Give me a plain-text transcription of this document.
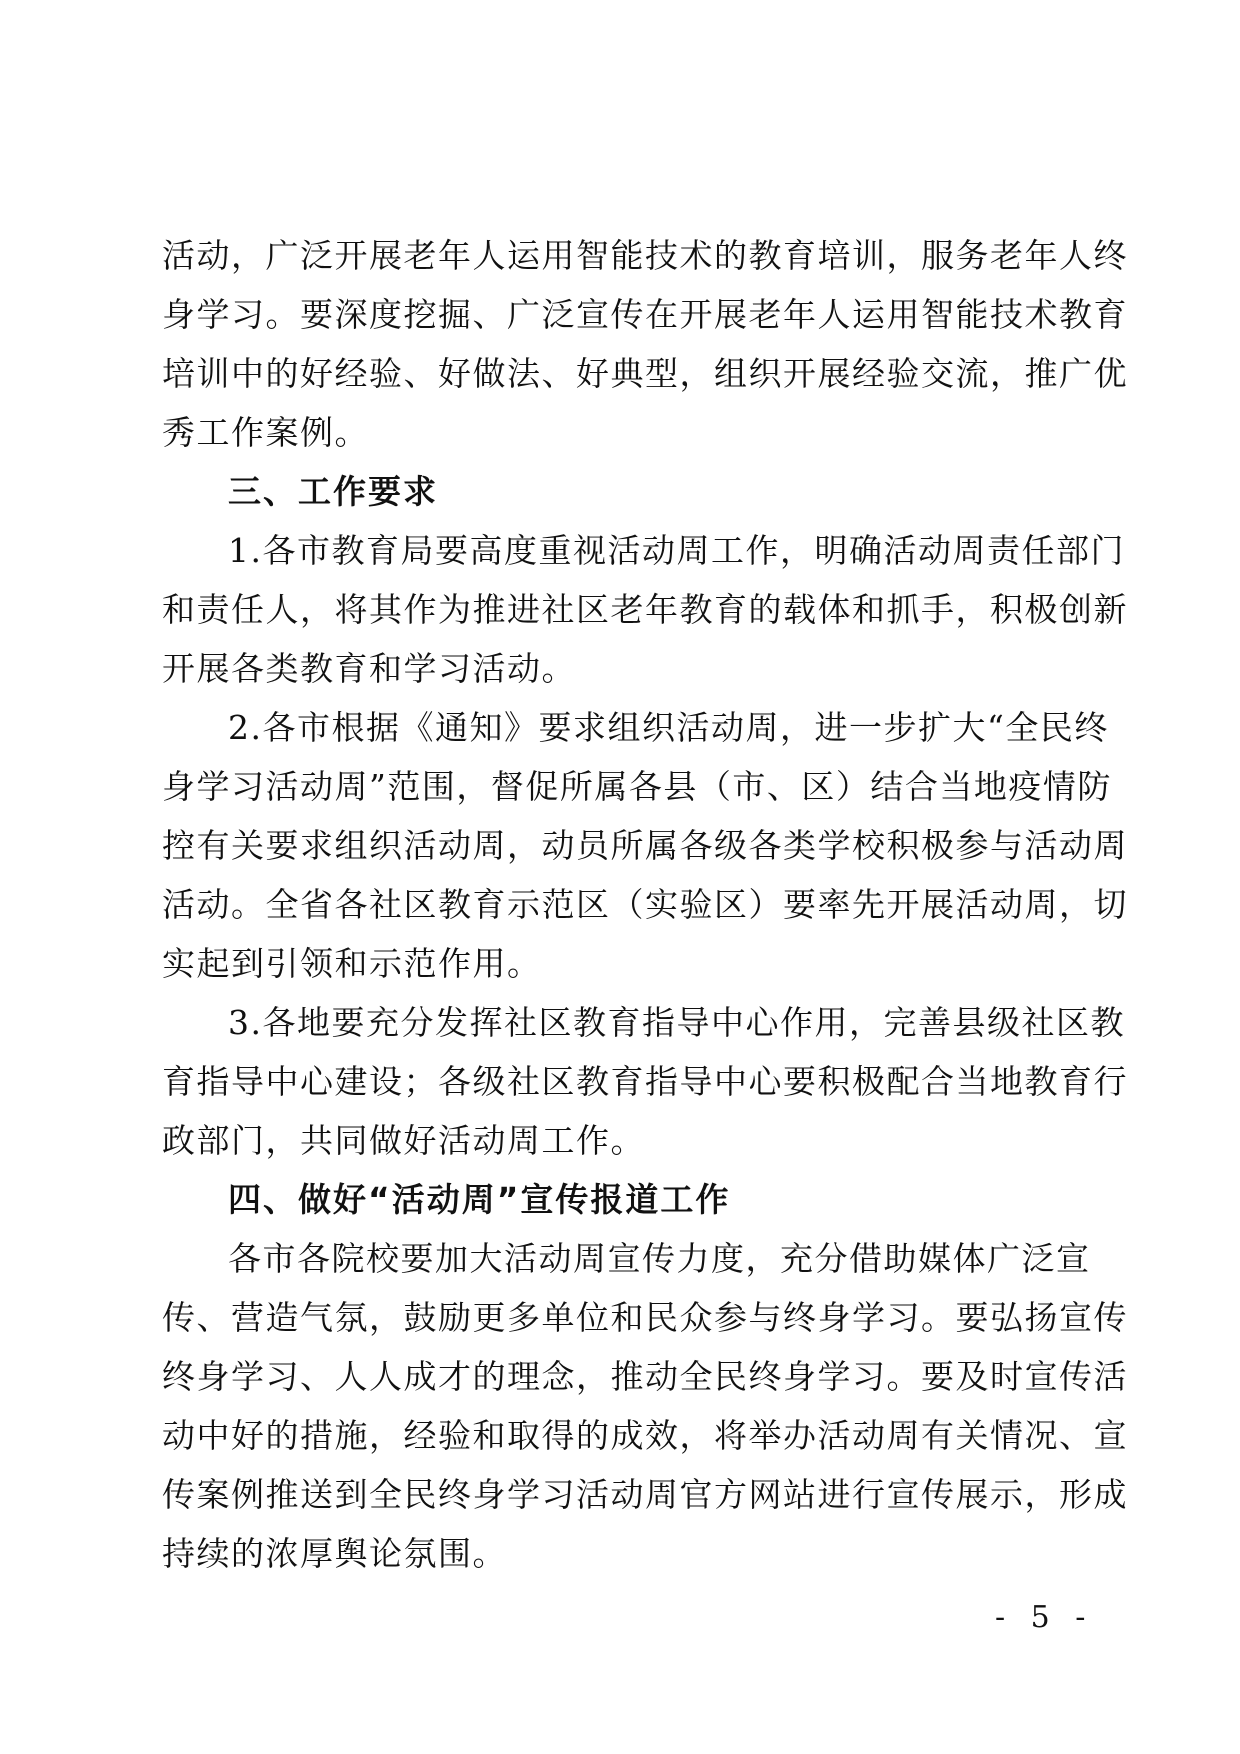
活动，广泛开展老年人运用智能技术的教育培训，服务老年人终
身学习。要深度挖掘、广泛宣传在开展老年人运用智能技术教育
培训中的好经验、好做法、好典型，组织开展经验交流，推广优
秀工作案例。
三、工作要求
1.各市教育局要高度重视活动周工作，明确活动周责任部门
和责任人，将其作为推进社区老年教育的载体和抓手，积极创新
开展各类教育和学习活动。
2.各市根据《通知》要求组织活动周，进一步扩大“全民终
身学习活动周”范围，督促所属各县（市、区）结合当地疫情防
控有关要求组织活动周，动员所属各级各类学校积极参与活动周
活动。全省各社区教育示范区（实验区）要率先开展活动周，切
实起到引领和示范作用。
3.各地要充分发挥社区教育指导中心作用，完善县级社区教
育指导中心建设；各级社区教育指导中心要积极配合当地教育行
政部门，共同做好活动周工作。
四、做好“活动周”宣传报道工作
各市各院校要加大活动周宣传力度，充分借助媒体广泛宣
传、营造气氛，鼓励更多单位和民众参与终身学习。要弘扬宣传
终身学习、人人成才的理念，推动全民终身学习。要及时宣传活
动中好的措施，经验和取得的成效，将举办活动周有关情况、宣
传案例推送到全民终身学习活动周官方网站进行宣传展示，形成
持续的浓厚舆论氛围。
- 5 -
